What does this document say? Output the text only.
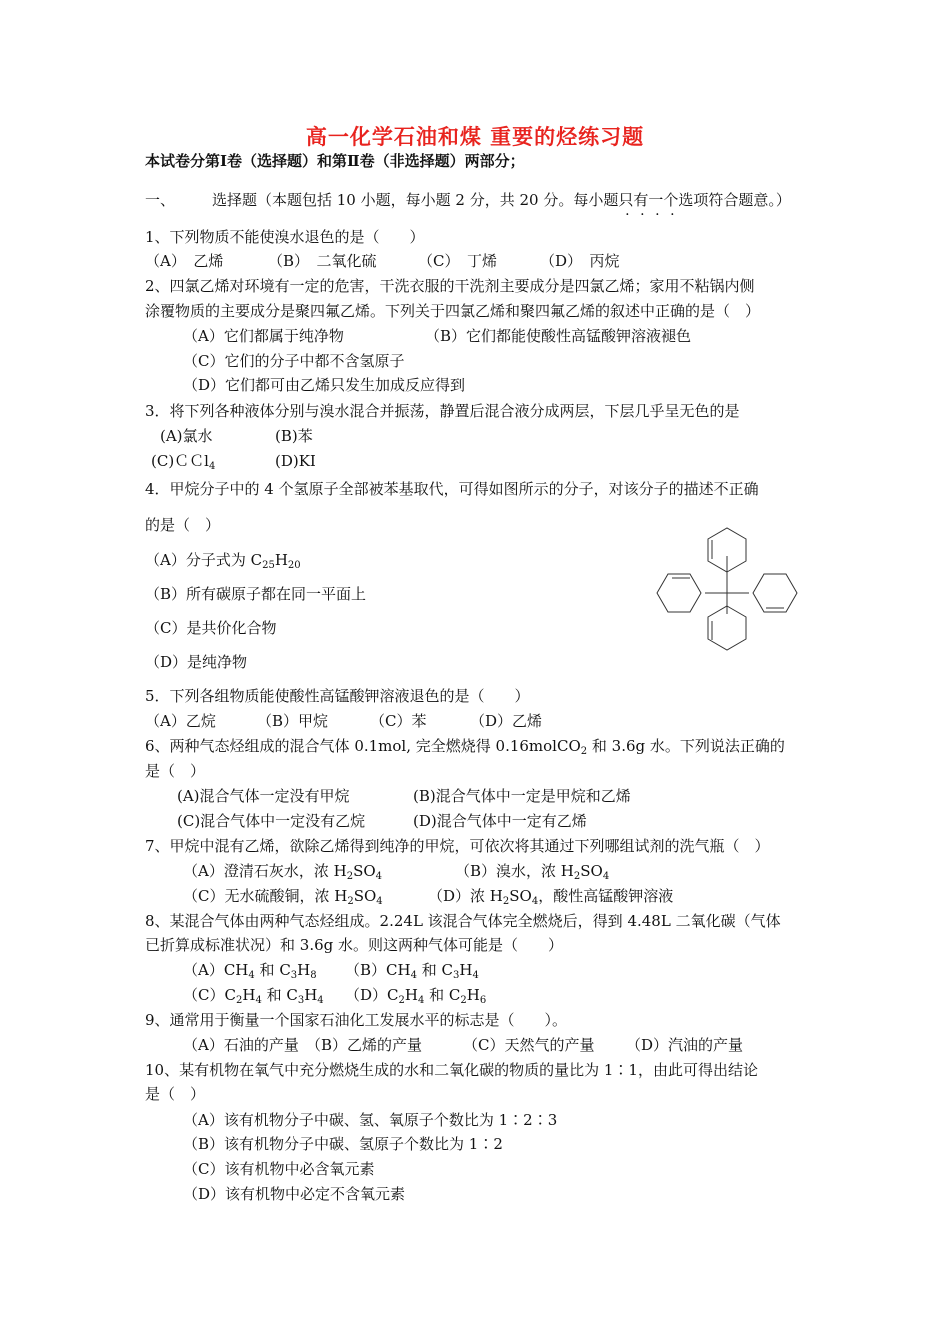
高一化学石油和煤 重要的烃练习题
本试卷分第Ⅰ卷（选择题）和第Ⅱ卷（非选择题）两部分；
一、 选择题（本题包括 10 小题，每小题 2 分，共 20 分。每小题只有一个选项符合题意。）
1、下列物质不能使溴水退色的是（　　）
（A）　乙烯	（B）　二氧化硫	（C）　丁烯	（D）　丙烷
2、四氯乙烯对环境有一定的危害，干洗衣服的干洗剂主要成分是四氯乙烯；家用不粘锅内侧
涂覆物质的主要成分是聚四氟乙烯。下列关于四氯乙烯和聚四氟乙烯的叙述中正确的是（　）
（A）它们都属于纯净物	（B）它们都能使酸性高锰酸钾溶液褪色
（C）它们的分子中都不含氢原子
（D）它们都可由乙烯只发生加成反应得到
3．将下列各种液体分别与溴水混合并振荡，静置后混合液分成两层，下层几乎呈无色的是
(A)氯水	(B)苯
(C)ＣＣl$_4$	(D)KI
4．甲烷分子中的 4 个氢原子全部被苯基取代，可得如图所示的分子，对该分子的描述不正确
的是（　）
（A）分子式为 $C_{25}H_{20}$
（B）所有碳原子都在同一平面上
（C）是共价化合物
（D）是纯净物
5．下列各组物质能使酸性高锰酸钾溶液退色的是（　　）
（A）乙烷	（B）甲烷	（C）苯	（D）乙烯
6、两种气态烃组成的混合气体 0.1mol, 完全燃烧得 0.16molCO$_2$ 和 3.6g 水。下列说法正确的
是（　）
(A)混合气体一定没有甲烷	(B)混合气体中一定是甲烷和乙烯
(C)混合气体中一定没有乙烷	(D)混合气体中一定有乙烯
7、甲烷中混有乙烯，欲除乙烯得到纯净的甲烷，可依次将其通过下列哪组试剂的洗气瓶（　）
（A）澄清石灰水，浓 $H_2SO_4$	（B）溴水，浓 $H_2SO_4$
（C）无水硫酸铜，浓 $H_2SO_4$	（D）浓 $H_2SO_4$，酸性高锰酸钾溶液
8、某混合气体由两种气态烃组成。2.24L 该混合气体完全燃烧后，得到 4.48L 二氧化碳（气体
已折算成标准状况）和 3.6g 水。则这两种气体可能是（　　）
$(A)CH_4$ 和 $C_3H_8$ $(B)CH_4$ 和 $C_3H_4$
$(C)C_2H_4$ 和 $C_3H_4$ $(D)C_2H_4$ 和 $C_2H_6$
9、通常用于衡量一个国家石油化工发展水平的标志是（　　）。
（A）石油的产量 （B）乙烯的产量	（C）天然气的产量 （D）汽油的产量
10、某有机物在氧气中充分燃烧生成的水和二氧化碳的物质的量比为 1∶1，由此可得出结论
是（　）
（A）该有机物分子中碳、氢、氧原子个数比为 1∶2∶3
（B）该有机物分子中碳、氢原子个数比为 1∶2
（C）该有机物中必含氧元素
（D）该有机物中必定不含氧元素
